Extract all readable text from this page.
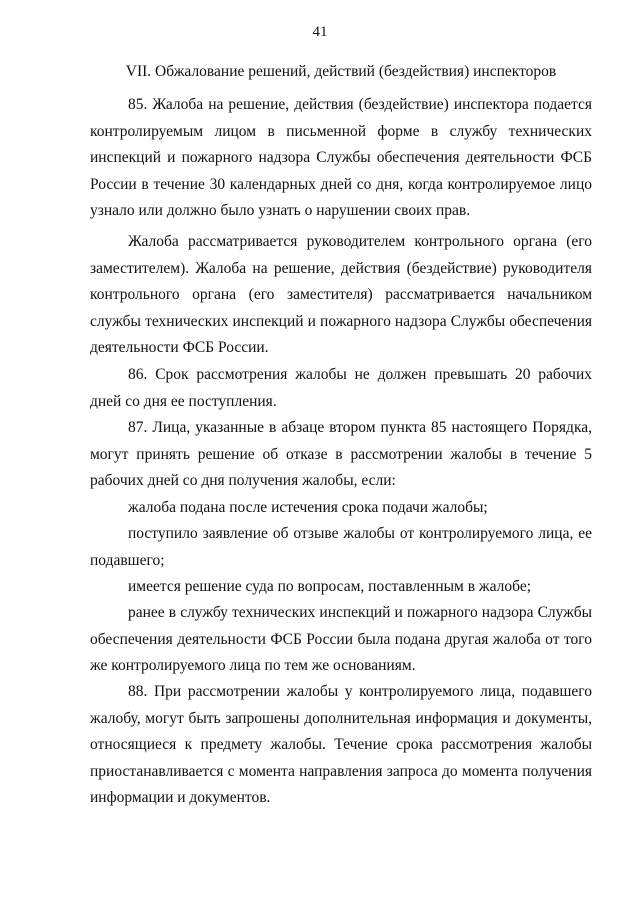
41
VII. Обжалование решений, действий (бездействия) инспекторов

85. Жалоба на решение, действия (бездействие) инспектора подается контролируемым лицом в письменной форме в службу технических инспекций и пожарного надзора Службы обеспечения деятельности ФСБ России в течение 30 календарных дней со дня, когда контролируемое лицо узнало или должно было узнать о нарушении своих прав.

Жалоба рассматривается руководителем контрольного органа (его заместителем). Жалоба на решение, действия (бездействие) руководителя контрольного органа (его заместителя) рассматривается начальником службы технических инспекций и пожарного надзора Службы обеспечения деятельности ФСБ России.

86. Срок рассмотрения жалобы не должен превышать 20 рабочих дней со дня ее поступления.

87. Лица, указанные в абзаце втором пункта 85 настоящего Порядка, могут принять решение об отказе в рассмотрении жалобы в течение 5 рабочих дней со дня получения жалобы, если:

жалоба подана после истечения срока подачи жалобы;

поступило заявление об отзыве жалобы от контролируемого лица, ее подавшего;

имеется решение суда по вопросам, поставленным в жалобе;

ранее в службу технических инспекций и пожарного надзора Службы обеспечения деятельности ФСБ России была подана другая жалоба от того же контролируемого лица по тем же основаниям.

88. При рассмотрении жалобы у контролируемого лица, подавшего жалобу, могут быть запрошены дополнительная информация и документы, относящиеся к предмету жалобы. Течение срока рассмотрения жалобы приостанавливается с момента направления запроса до момента получения информации и документов.
